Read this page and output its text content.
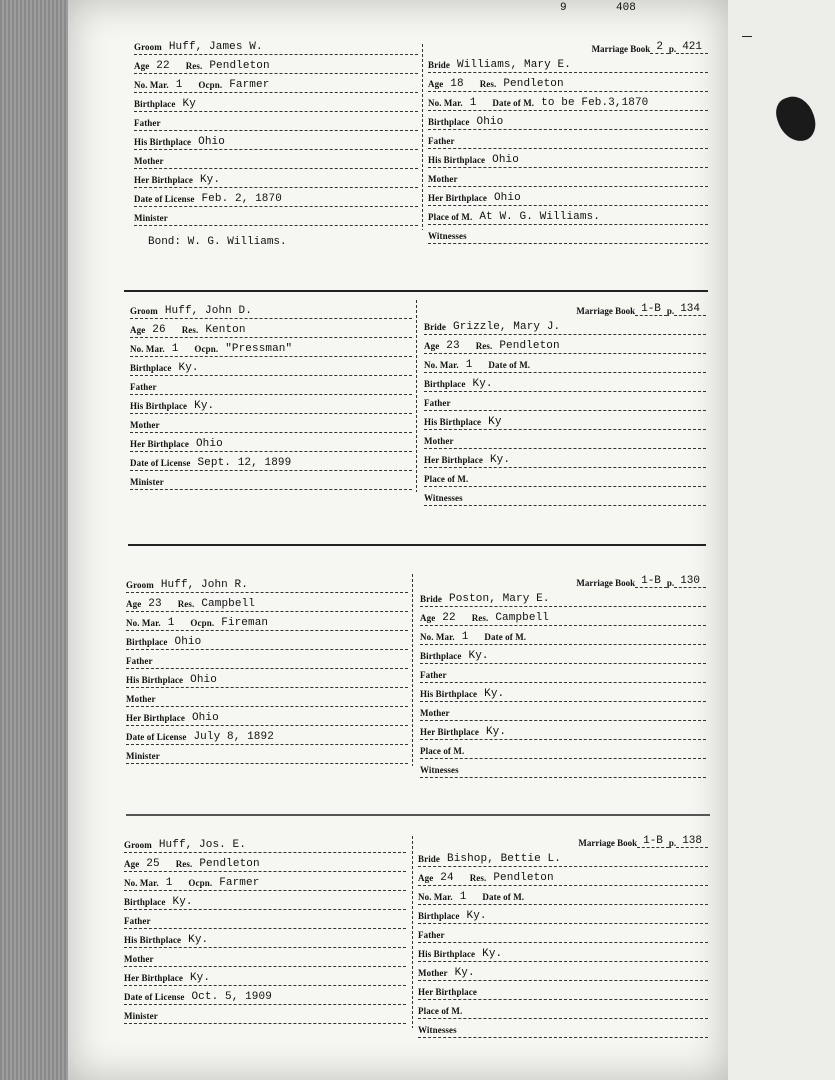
9	408
Groom Huff, James W.
Age 22	Res. Pendleton
No. Mar. 1	Ocpn. Farmer
Birthplace Ky
Father
His Birthplace Ohio
Mother
Her Birthplace Ky.
Date of License Feb. 2, 1870
Minister
Bond: W. G. Williams.
Marriage Book 2 p. 421
Bride Williams, Mary E.
Age 18	Res. Pendleton
No. Mar. 1	Date of M. to be Feb.3,1870
Birthplace Ohio
Father
His Birthplace Ohio
Mother
Her Birthplace Ohio
Place of M. At W. G. Williams.
Witnesses
Groom Huff, John D.
Age 26	Res. Kenton
No. Mar. 1	Ocpn. "Pressman"
Birthplace Ky.
Father
His Birthplace Ky.
Mother
Her Birthplace Ohio
Date of License Sept. 12, 1899
Minister
Marriage Book 1-B p. 134
Bride Grizzle, Mary J.
Age 23	Res. Pendleton
No. Mar. 1	Date of M.
Birthplace Ky.
Father
His Birthplace Ky
Mother
Her Birthplace Ky.
Place of M.
Witnesses
Groom Huff, John R.
Age 23	Res. Campbell
No. Mar. 1	Ocpn. Fireman
Birthplace Ohio
Father
His Birthplace Ohio
Mother
Her Birthplace Ohio
Date of License July 8, 1892
Minister
Marriage Book 1-B p. 130
Bride Poston, Mary E.
Age 22	Res. Campbell
No. Mar. 1	Date of M.
Birthplace Ky.
Father
His Birthplace Ky.
Mother
Her Birthplace Ky.
Place of M.
Witnesses
Groom Huff, Jos. E.
Age 25	Res. Pendleton
No. Mar. 1	Ocpn. Farmer
Birthplace Ky.
Father
His Birthplace Ky.
Mother
Her Birthplace Ky.
Date of License Oct. 5, 1909
Minister
Marriage Book 1-B p. 138
Bride Bishop, Bettie L.
Age 24	Res. Pendleton
No. Mar. 1	Date of M.
Birthplace Ky.
Father
His Birthplace Ky.
Mother Ky.
Her Birthplace
Place of M.
Witnesses
